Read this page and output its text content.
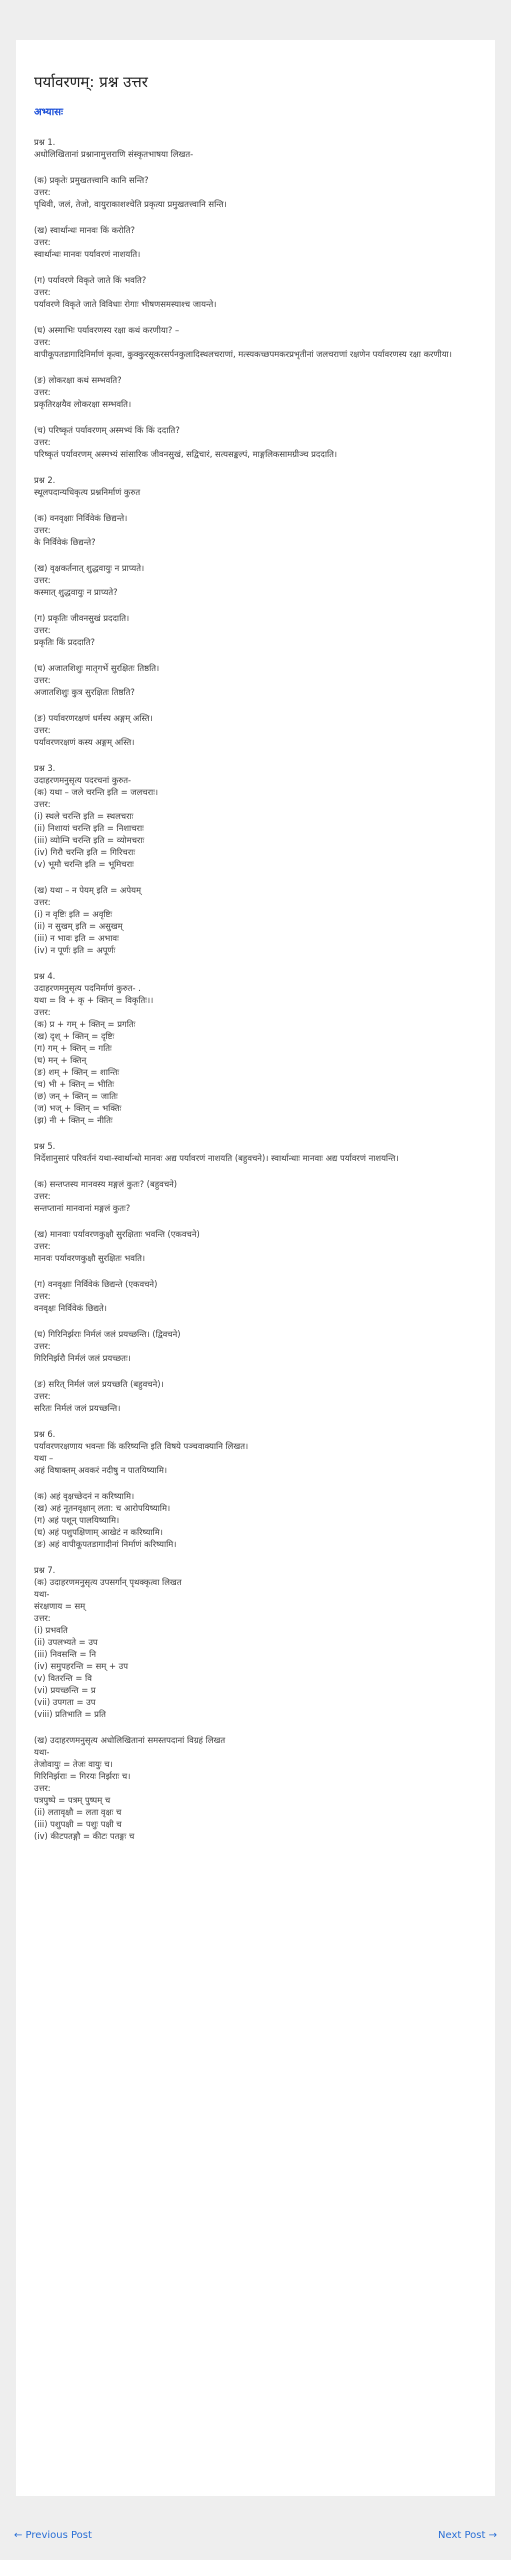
पर्यावरणम्: प्रश्न उत्तर
अभ्यासः
प्रश्न 1.
अधोलिखितानां प्रश्नानामुत्तराणि संस्कृतभाषया लिखत-
(क) प्रकृतेः प्रमुखतत्त्वानि कानि सन्ति?
उत्तर:
पृथिवी, जलं, तेजो, वायुराकाशश्चेति प्रकृत्या प्रमुखतत्त्वानि सन्ति।
(ख) स्वार्थान्धः मानवः किं करोति?
उत्तर:
स्वार्थान्धः मानवः पर्यावरणं नाशयति।
(ग) पर्यावरणे विकृते जाते किं भवति?
उत्तर:
पर्यावरणे विकृते जाते विविधाः रोगाः भीषणसमस्याश्च जायन्ते।
(घ) अस्माभिः पर्यावरणस्य रक्षा कथं करणीया? –
उत्तर:
वापीकूपतडागादिनिर्माणं कृत्वा, कुक्कुरसूकरसर्पनकुलादिस्थलचराणां, मत्स्यकच्छपमकरप्रभृतीनां जलचराणां रक्षणेन पर्यावरणस्य रक्षा करणीया।
(ङ) लोकरक्षा कथं सम्भवति?
उत्तर:
प्रकृतिरक्षयैव लोकरक्षा सम्भवति।
(च) परिष्कृतं पर्यावरणम् अस्मभ्यं किं किं ददाति?
उत्तर:
परिष्कृतं पर्यावरणम् अस्मभ्यं सांसारिक जीवनसुखं, सद्विचारं, सत्यसङ्कल्पं, माङ्गलिकसामग्रीञ्च प्रददाति।
प्रश्न 2.
स्थूलपदान्यधिकृत्य प्रश्ननिर्माणं कुरुत
(क) वनवृक्षाः निर्विवेकं छिद्यन्ते।
उत्तर:
के निर्विवेकं छिद्यन्ते?
(ख) वृक्षकर्तनात् शुद्धवायुः न प्राप्यते।
उत्तर:
कस्मात् शुद्धवायुः न प्राप्यते?
(ग) प्रकृतिः जीवनसुखं प्रददाति।
उत्तर:
प्रकृतिः किं प्रददाति?
(घ) अजातशिशुः मातृगर्भे सुरक्षितः तिष्ठति।
उत्तर:
अजातशिशुः कुत्र सुरक्षितः तिष्ठति?
(ङ) पर्यावरणरक्षणं धर्मस्य अङ्गम् अस्ति।
उत्तर:
पर्यावरणरक्षणं कस्य अङ्गम् अस्ति।
प्रश्न 3.
उदाहरणमनुसृत्य पदरचनां कुरुत-
(क) यथा – जले चरन्ति इति = जलचराः।
उत्तर:
(i) स्थले चरन्ति इति = स्थलचराः
(ii) निशायां चरन्ति इति = निशाचराः
(iii) व्योम्नि चरन्ति इति = व्योमचराः
(iv) गिरौ चरन्ति इति = गिरिचराः
(v) भूमौ चरन्ति इति = भूमिचराः
(ख) यथा – न पेयम् इति = अपेयम्
उत्तर:
(i) न वृष्टिः इति = अवृष्टिः
(ii) न सुखम् इति = असुखम्
(iii) न भावः इति = अभावः
(iv) न पूर्णः इति = अपूर्णः
प्रश्न 4.
उदाहरणमनुसृत्य पदनिर्माणं कुरुत- .
यथा = वि + कृ + क्तिन् = विकृतिः।।
उत्तर:
(क) प्र + गम् + क्तिन् = प्रगतिः
(ख) दृश् + क्तिन् = दृष्टिः
(ग) गम् + क्तिन् = गतिः
(घ) मन् + क्तिन्
(ङ) शम् + क्तिन् = शान्तिः
(च) भी + क्तिन् = भीतिः
(छ) जन् + क्तिन् = जातिः
(ज) भज् + क्तिन् = भक्तिः
(झ) नी + क्तिन् = नीतिः
प्रश्न 5.
निर्देशानुसारं परिवर्तनं यथा-स्वार्थान्धो मानवः अद्य पर्यावरणं नाशयति (बहुवचने)। स्वार्थान्धाः मानवाः अद्य पर्यावरणं नाशयन्ति।
(क) सन्तप्तस्य मानवस्य मङ्गलं कुतः? (बहुवचने)
उत्तर:
सन्तप्तानां मानवानां मङ्गलं कुतः?
(ख) मानवाः पर्यावरणकुक्षौ सुरक्षिताः भवन्ति (एकवचने)
उत्तर:
मानवः पर्यावरणकुक्षौ सुरक्षितः भवति।
(ग) वनवृक्षाः निर्विवेकं छिद्यन्ते (एकवचने)
उत्तर:
वनवृक्षः निर्विवेकं छिद्यते।
(घ) गिरिनिर्झराः निर्मलं जलं प्रयच्छन्ति। (द्विवचने)
उत्तर:
गिरिनिर्झरौ निर्मलं जलं प्रयच्छतः।
(ङ) सरित् निर्मलं जलं प्रयच्छति (बहुवचने)।
उत्तर:
सरितः निर्मलं जलं प्रयच्छन्ति।
प्रश्न 6.
पर्यावरणरक्षणाय भवन्तः किं करिष्यन्ति इति विषये पञ्चवाक्यानि लिखत।
यथा –
अहं विषाक्तम् अवकरं नदीषु न पातयिष्यामि।
(क) अहं वृक्षच्छेदनं न करिष्यामि।
(ख) अहं नूतनवृक्षान् लता: च आरोपयिष्यामि।
(ग) अहं पशून् पालयिष्यामि।
(घ) अहं पशुपक्षिणाम् आखेटं न करिष्यामि।
(ङ) अहं वापीकूपतडागादीनां निर्माणं करिष्यामि।
प्रश्न 7.
(क) उदाहरणमनुसृत्य उपसर्गान् पृथक्कृत्वा लिखत
यथा-
संरक्षणाय = सम्
उत्तर:
(i) प्रभवति
(ii) उपलभ्यते = उप
(iii) निवसन्ति = नि
(iv) समुपहरन्ति = सम् + उप
(v) वितरन्ति = वि
(vi) प्रयच्छन्ति = प्र
(vii) उपगता = उप
(viii) प्रतिभाति = प्रति
(ख) उदाहरणमनुसृत्य अधोलिखितानां समस्तपदानां विग्रहं लिखत
यथा-
तेजोवायुः = तेजः वायुः च।
गिरिनिर्झराः = गिरयः निर्झराः च।
उत्तर:
पत्रपुष्पे = पत्रम् पुष्पम् च
(ii) लतावृक्षौ = लता वृक्षः च
(iii) पशुपक्षी = पशुः पक्षी च
(iv) कीटपतङ्गौ = कीटः पतङ्गः च
← Previous Post	Next Post →
